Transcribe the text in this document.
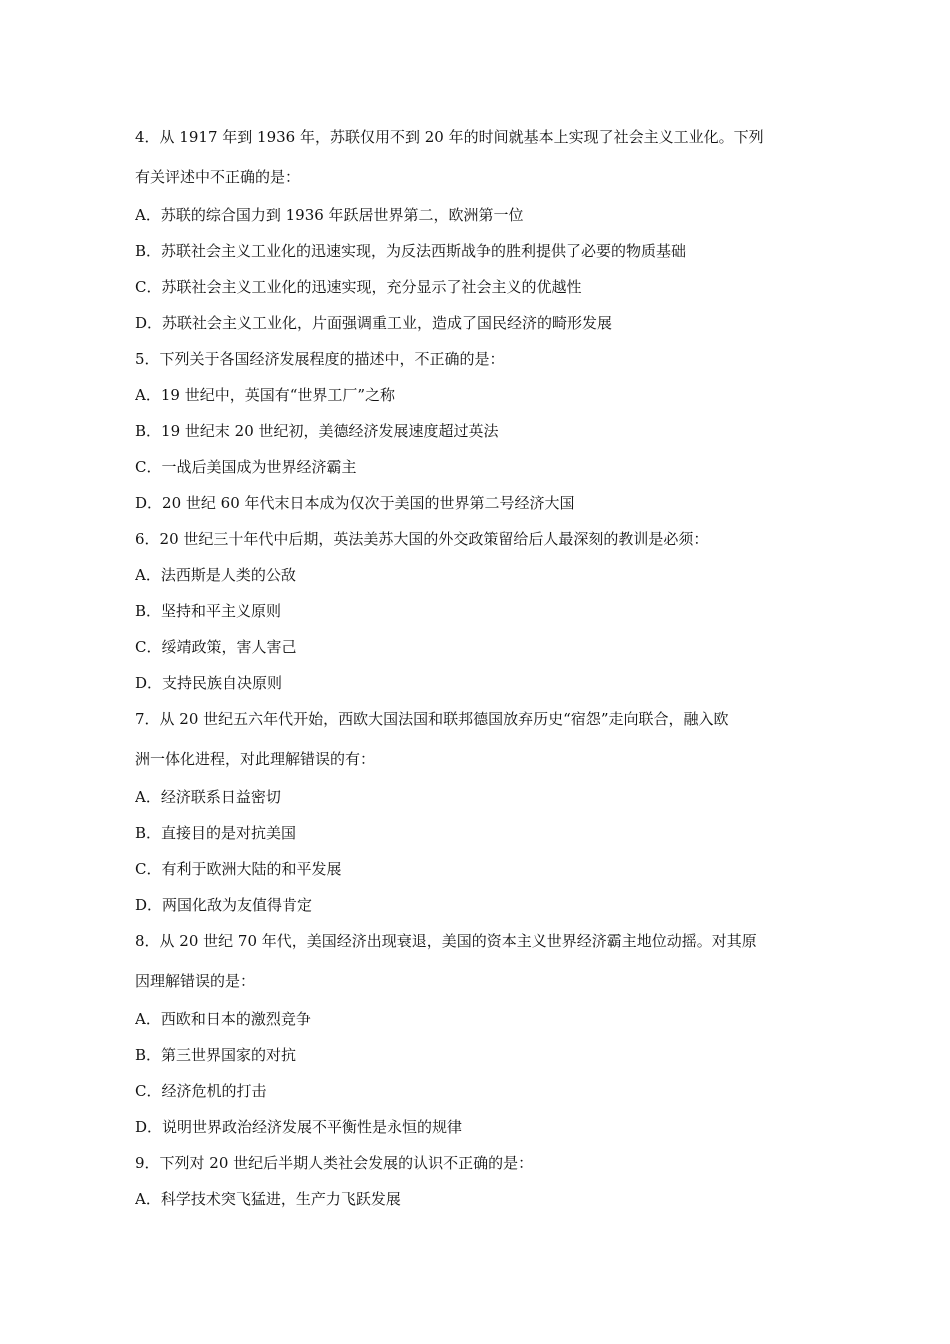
4．从 1917 年到 1936 年，苏联仅用不到 20 年的时间就基本上实现了社会主义工业化。下列
有关评述中不正确的是：
A．苏联的综合国力到 1936 年跃居世界第二，欧洲第一位
B．苏联社会主义工业化的迅速实现，为反法西斯战争的胜利提供了必要的物质基础
C．苏联社会主义工业化的迅速实现，充分显示了社会主义的优越性
D．苏联社会主义工业化，片面强调重工业，造成了国民经济的畸形发展
5．下列关于各国经济发展程度的描述中，不正确的是：
A．19 世纪中，英国有“世界工厂”之称
B．19 世纪末 20 世纪初，美德经济发展速度超过英法
C．一战后美国成为世界经济霸主
D．20 世纪 60 年代末日本成为仅次于美国的世界第二号经济大国
6．20 世纪三十年代中后期，英法美苏大国的外交政策留给后人最深刻的教训是必须：
A．法西斯是人类的公敌
B．坚持和平主义原则
C．绥靖政策，害人害己
D．支持民族自决原则
7．从 20 世纪五六年代开始，西欧大国法国和联邦德国放弃历史“宿怨”走向联合，融入欧
洲一体化进程，对此理解错误的有：
A．经济联系日益密切
B．直接目的是对抗美国
C．有利于欧洲大陆的和平发展
D．两国化敌为友值得肯定
8．从 20 世纪 70 年代，美国经济出现衰退，美国的资本主义世界经济霸主地位动摇。对其原
因理解错误的是：
A．西欧和日本的激烈竞争
B．第三世界国家的对抗
C．经济危机的打击
D．说明世界政治经济发展不平衡性是永恒的规律
9．下列对 20 世纪后半期人类社会发展的认识不正确的是：
A．科学技术突飞猛进，生产力飞跃发展
